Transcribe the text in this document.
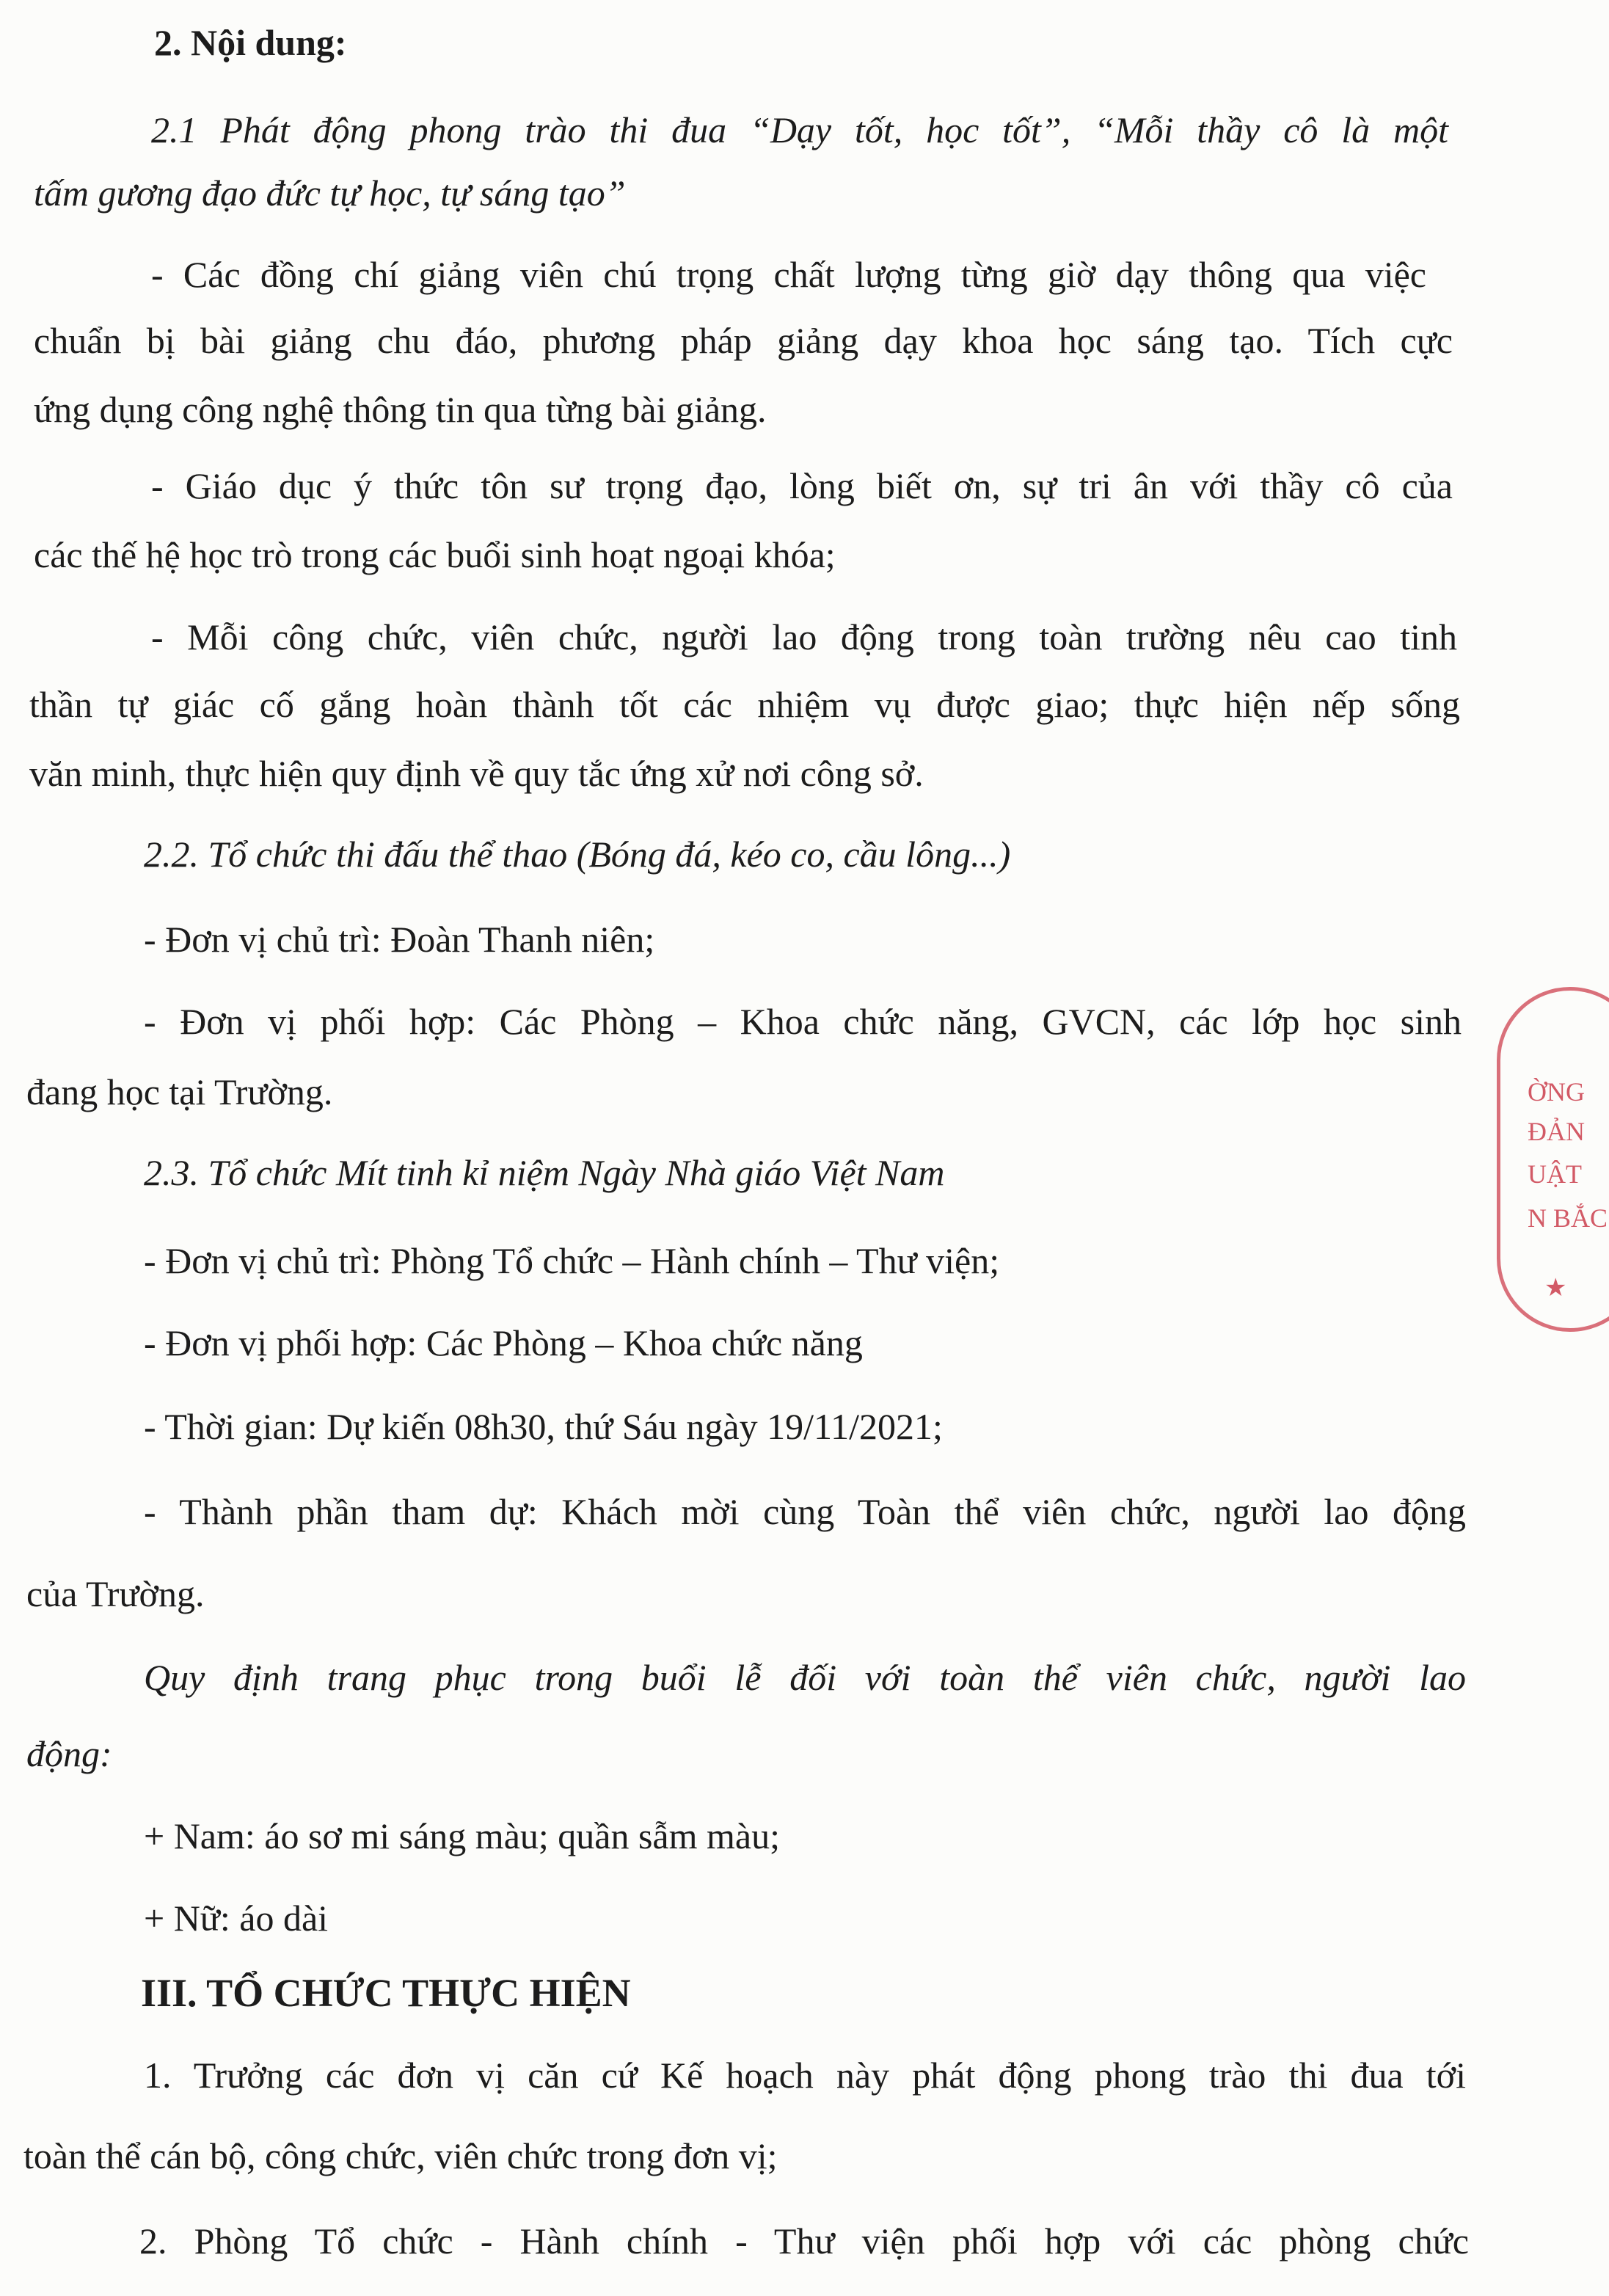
2. Nội dung:
2.1 Phát động phong trào thi đua “Dạy tốt, học tốt”, “Mỗi thầy cô là một
tấm gương đạo đức tự học, tự sáng tạo”
- Các đồng chí giảng viên chú trọng chất lượng từng giờ dạy thông qua việc
chuẩn bị bài giảng chu đáo, phương pháp giảng dạy khoa học sáng tạo. Tích cực
ứng dụng công nghệ thông tin qua từng bài giảng.
- Giáo dục ý thức tôn sư trọng đạo, lòng biết ơn, sự tri ân với thầy cô của
các thế hệ học trò trong các buổi sinh hoạt ngoại khóa;
- Mỗi công chức, viên chức, người lao động trong toàn trường nêu cao tinh
thần tự giác cố gắng hoàn thành tốt các nhiệm vụ được giao; thực hiện nếp sống
văn minh, thực hiện quy định về quy tắc ứng xử nơi công sở.
2.2. Tổ chức thi đấu thể thao (Bóng đá, kéo co, cầu lông...)
- Đơn vị chủ trì: Đoàn Thanh niên;
- Đơn vị phối hợp: Các Phòng – Khoa chức năng, GVCN, các lớp học sinh
đang học tại Trường.
2.3. Tổ chức Mít tinh kỉ niệm Ngày Nhà giáo Việt Nam
- Đơn vị chủ trì: Phòng Tổ chức – Hành chính – Thư viện;
- Đơn vị phối hợp: Các Phòng – Khoa chức năng
- Thời gian: Dự kiến 08h30, thứ Sáu ngày 19/11/2021;
- Thành phần tham dự: Khách mời cùng Toàn thể viên chức, người lao động
của Trường.
Quy định trang phục trong buổi lễ đối với toàn thể viên chức, người lao
động:
+ Nam: áo sơ mi sáng màu; quần sẫm màu;
+ Nữ: áo dài
III. TỔ CHỨC THỰC HIỆN
1. Trưởng các đơn vị căn cứ Kế hoạch này phát động phong trào thi đua tới
toàn thể cán bộ, công chức, viên chức trong đơn vị;
2. Phòng Tổ chức - Hành chính - Thư viện phối hợp với các phòng chức
ỜNG
ĐẢN
UẬT
N BẮC
★
